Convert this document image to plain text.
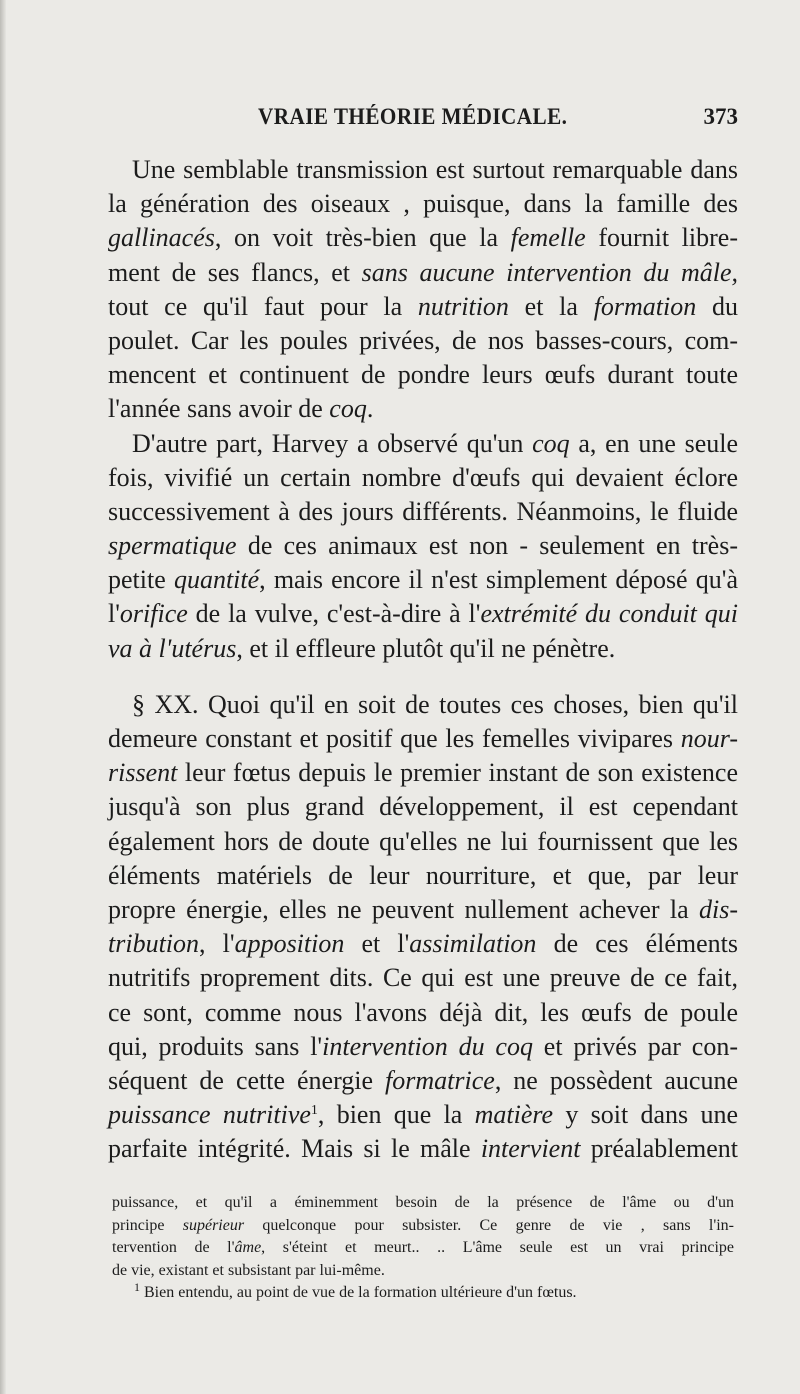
VRAIE THÉORIE MÉDICALE.	373
Une semblable transmission est surtout remarquable dans
la génération des oiseaux , puisque, dans la famille des
gallinacés, on voit très-bien que la femelle fournit libre-
ment de ses flancs, et sans aucune intervention du mâle,
tout ce qu'il faut pour la nutrition et la formation du
poulet. Car les poules privées, de nos basses-cours, com-
mencent et continuent de pondre leurs œufs durant toute
l'année sans avoir de coq.
D'autre part, Harvey a observé qu'un coq a, en une seule
fois, vivifié un certain nombre d'œufs qui devaient éclore
successivement à des jours différents. Néanmoins, le fluide
spermatique de ces animaux est non - seulement en très-
petite quantité, mais encore il n'est simplement déposé qu'à
l'orifice de la vulve, c'est-à-dire à l'extrémité du conduit qui
va à l'utérus, et il effleure plutôt qu'il ne pénètre.
§ XX. Quoi qu'il en soit de toutes ces choses, bien qu'il
demeure constant et positif que les femelles vivipares nour-
rissent leur fœtus depuis le premier instant de son existence
jusqu'à son plus grand développement, il est cependant
également hors de doute qu'elles ne lui fournissent que les
éléments matériels de leur nourriture, et que, par leur
propre énergie, elles ne peuvent nullement achever la dis-
tribution, l'apposition et l'assimilation de ces éléments
nutritifs proprement dits. Ce qui est une preuve de ce fait,
ce sont, comme nous l'avons déjà dit, les œufs de poule
qui, produits sans l'intervention du coq et privés par con-
séquent de cette énergie formatrice, ne possèdent aucune
puissance nutritive$^1$, bien que la matière y soit dans une
parfaite intégrité. Mais si le mâle intervient préalablement
puissance, et qu'il a éminemment besoin de la présence de l'âme ou d'un
principe supérieur quelconque pour subsister. Ce genre de vie , sans l'in-
tervention de l'âme, s'éteint et meurt.. .. L'âme seule est un vrai principe
de vie, existant et subsistant par lui-même.
$^1$ Bien entendu, au point de vue de la formation ultérieure d'un fœtus.
